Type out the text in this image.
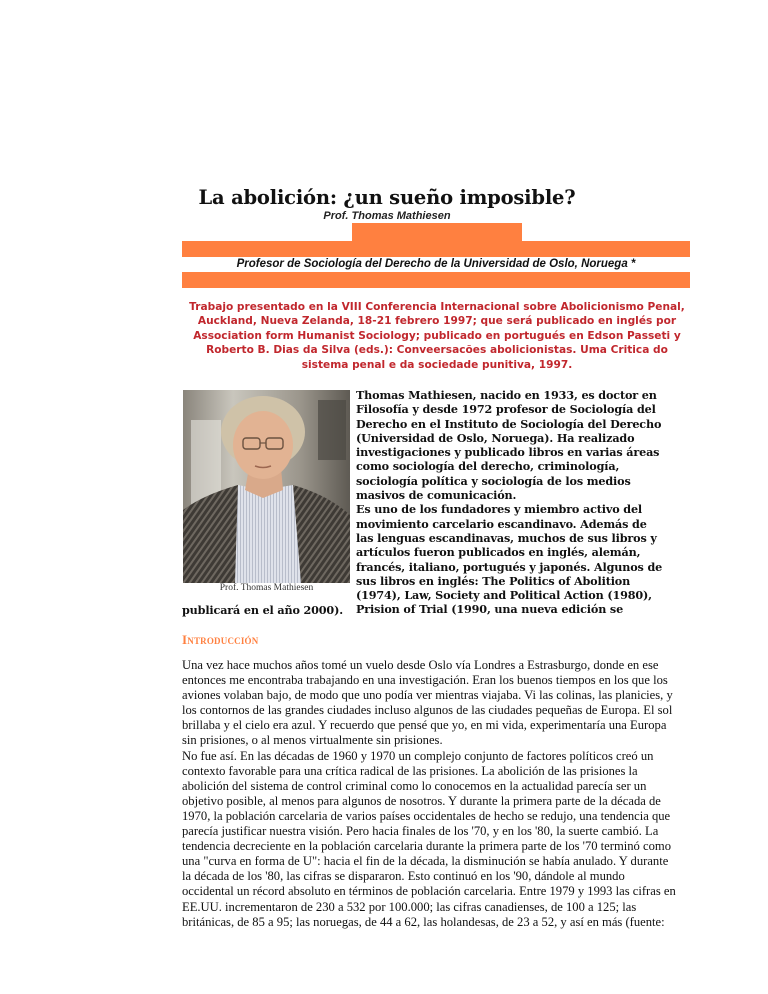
La abolición: ¿un sueño imposible?
Prof. Thomas Mathiesen
Profesor de Sociología del Derecho de la Universidad de Oslo, Noruega *
Trabajo presentado en la VIII Conferencia Internacional sobre Abolicionismo Penal,
Auckland, Nueva Zelanda, 18-21 febrero 1997; que será publicado en inglés por
Association form Humanist Sociology; publicado en portugués en Edson Passeti y
Roberto B. Dias da Silva (eds.): Conveersacões abolicionistas. Uma Critica do
sistema penal e da sociedade punitiva, 1997.
Prof. Thomas Mathiesen
Thomas Mathiesen, nacido en 1933, es doctor en
Filosofía y desde 1972 profesor de Sociología del
Derecho en el Instituto de Sociología del Derecho
(Universidad de Oslo, Noruega). Ha realizado
investigaciones y publicado libros en varias áreas
como sociología del derecho, criminología,
sociología política y sociología de los medios
masivos de comunicación.
Es uno de los fundadores y miembro activo del
movimiento carcelario escandinavo. Además de
las lenguas escandinavas, muchos de sus libros y
artículos fueron publicados en inglés, alemán,
francés, italiano, portugués y japonés. Algunos de
sus libros en inglés: The Politics of Abolition
(1974), Law, Society and Political Action (1980),
Prision of Trial (1990, una nueva edición se
publicará en el año 2000).
Introducción
Una vez hace muchos años tomé un vuelo desde Oslo vía Londres a Estrasburgo, donde en ese
entonces me encontraba trabajando en una investigación. Eran los buenos tiempos en los que los
aviones volaban bajo, de modo que uno podía ver mientras viajaba. Vi las colinas, las planicies, y
los contornos de las grandes ciudades incluso algunos de las ciudades pequeñas de Europa. El sol
brillaba y el cielo era azul. Y recuerdo que pensé que yo, en mi vida, experimentaría una Europa
sin prisiones, o al menos virtualmente sin prisiones.
No fue así. En las décadas de 1960 y 1970 un complejo conjunto de factores políticos creó un
contexto favorable para una crítica radical de las prisiones. La abolición de las prisiones la
abolición del sistema de control criminal como lo conocemos en la actualidad parecía ser un
objetivo posible, al menos para algunos de nosotros. Y durante la primera parte de la década de
1970, la población carcelaria de varios países occidentales de hecho se redujo, una tendencia que
parecía justificar nuestra visión. Pero hacia finales de los '70, y en los '80, la suerte cambió. La
tendencia decreciente en la población carcelaria durante la primera parte de los '70 terminó como
una "curva en forma de U": hacia el fin de la década, la disminución se había anulado. Y durante
la década de los '80, las cifras se dispararon. Esto continuó en los '90, dándole al mundo
occidental un récord absoluto en términos de población carcelaria. Entre 1979 y 1993 las cifras en
EE.UU. incrementaron de 230 a 532 por 100.000; las cifras canadienses, de 100 a 125; las
británicas, de 85 a 95; las noruegas, de 44 a 62, las holandesas, de 23 a 52, y así en más (fuente:
